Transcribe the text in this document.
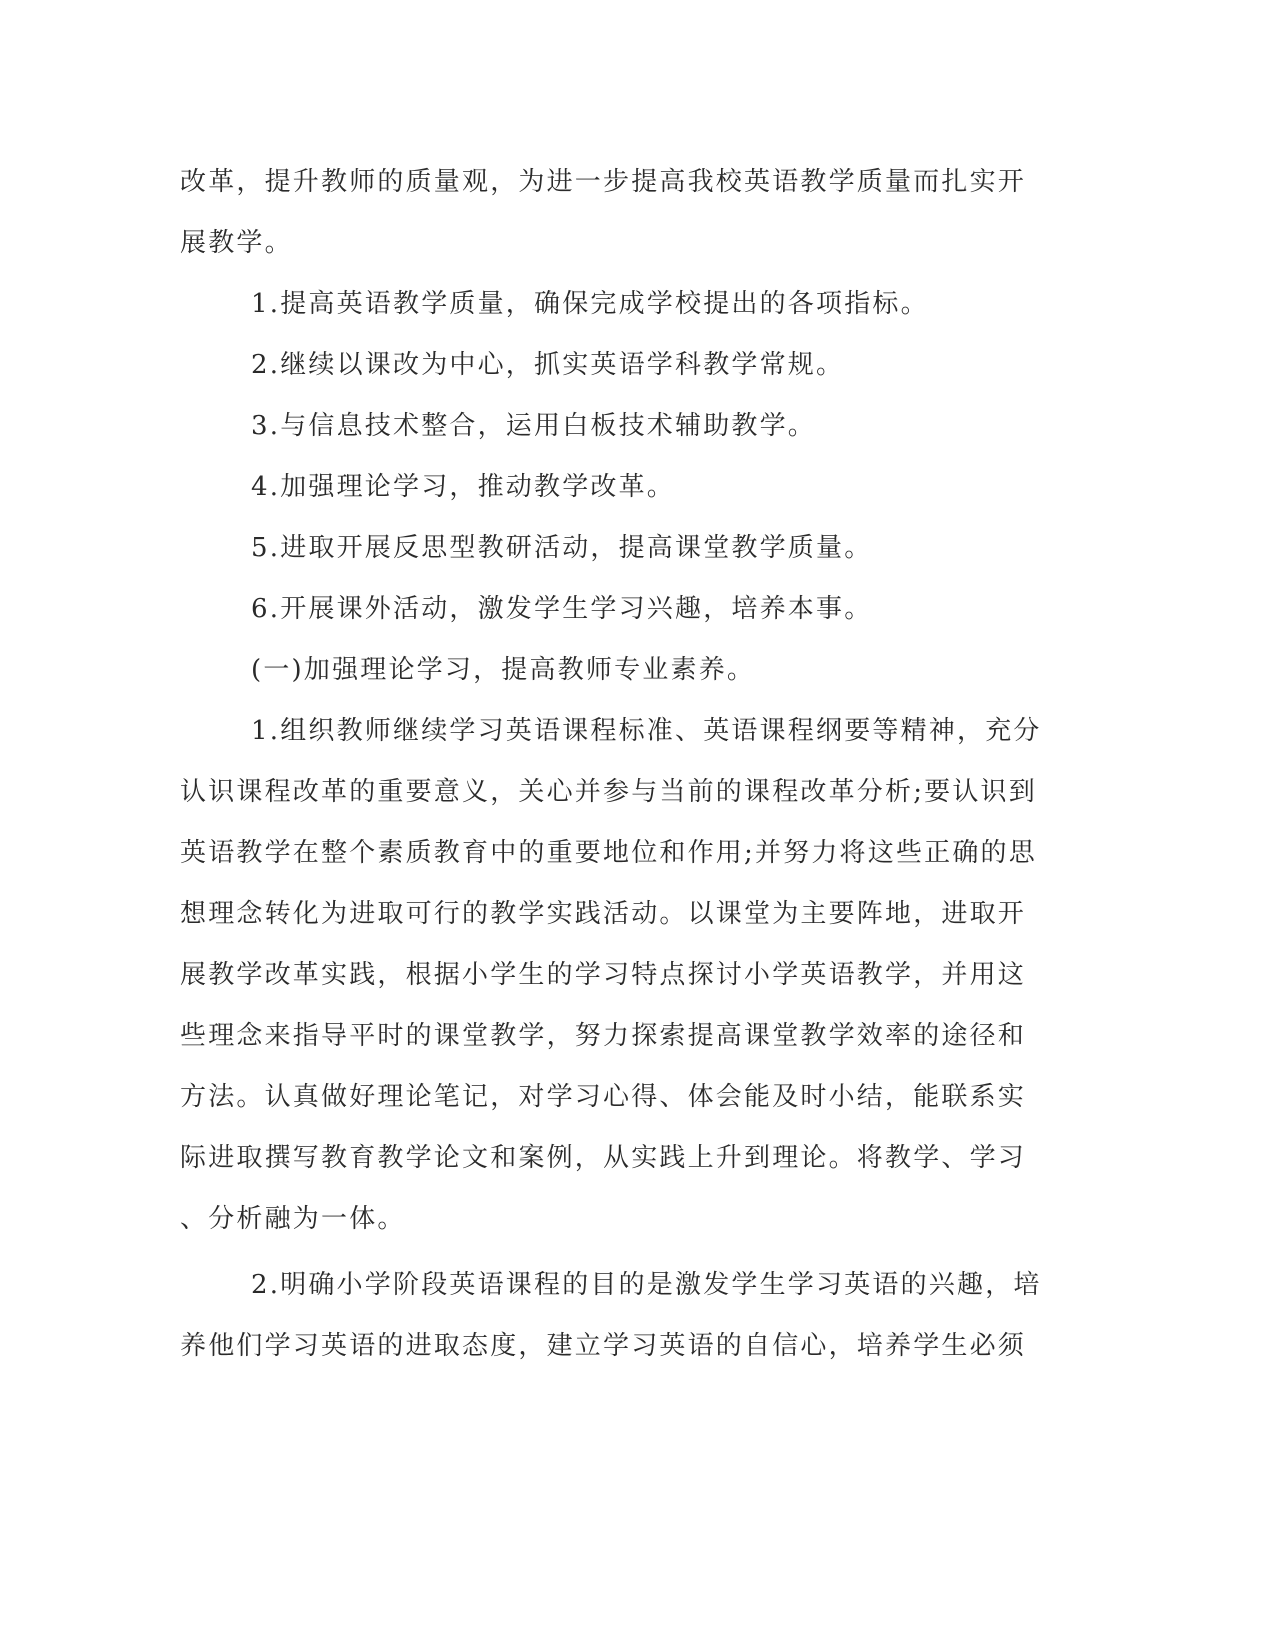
改革，提升教师的质量观，为进一步提高我校英语教学质量而扎实开
展教学。
1.提高英语教学质量，确保完成学校提出的各项指标。
2.继续以课改为中心，抓实英语学科教学常规。
3.与信息技术整合，运用白板技术辅助教学。
4.加强理论学习，推动教学改革。
5.进取开展反思型教研活动，提高课堂教学质量。
6.开展课外活动，激发学生学习兴趣，培养本事。
(一)加强理论学习，提高教师专业素养。
1.组织教师继续学习英语课程标准、英语课程纲要等精神，充分
认识课程改革的重要意义，关心并参与当前的课程改革分析;要认识到
英语教学在整个素质教育中的重要地位和作用;并努力将这些正确的思
想理念转化为进取可行的教学实践活动。以课堂为主要阵地，进取开
展教学改革实践，根据小学生的学习特点探讨小学英语教学，并用这
些理念来指导平时的课堂教学，努力探索提高课堂教学效率的途径和
方法。认真做好理论笔记，对学习心得、体会能及时小结，能联系实
际进取撰写教育教学论文和案例，从实践上升到理论。将教学、学习
、分析融为一体。
2.明确小学阶段英语课程的目的是激发学生学习英语的兴趣，培
养他们学习英语的进取态度，建立学习英语的自信心，培养学生必须
